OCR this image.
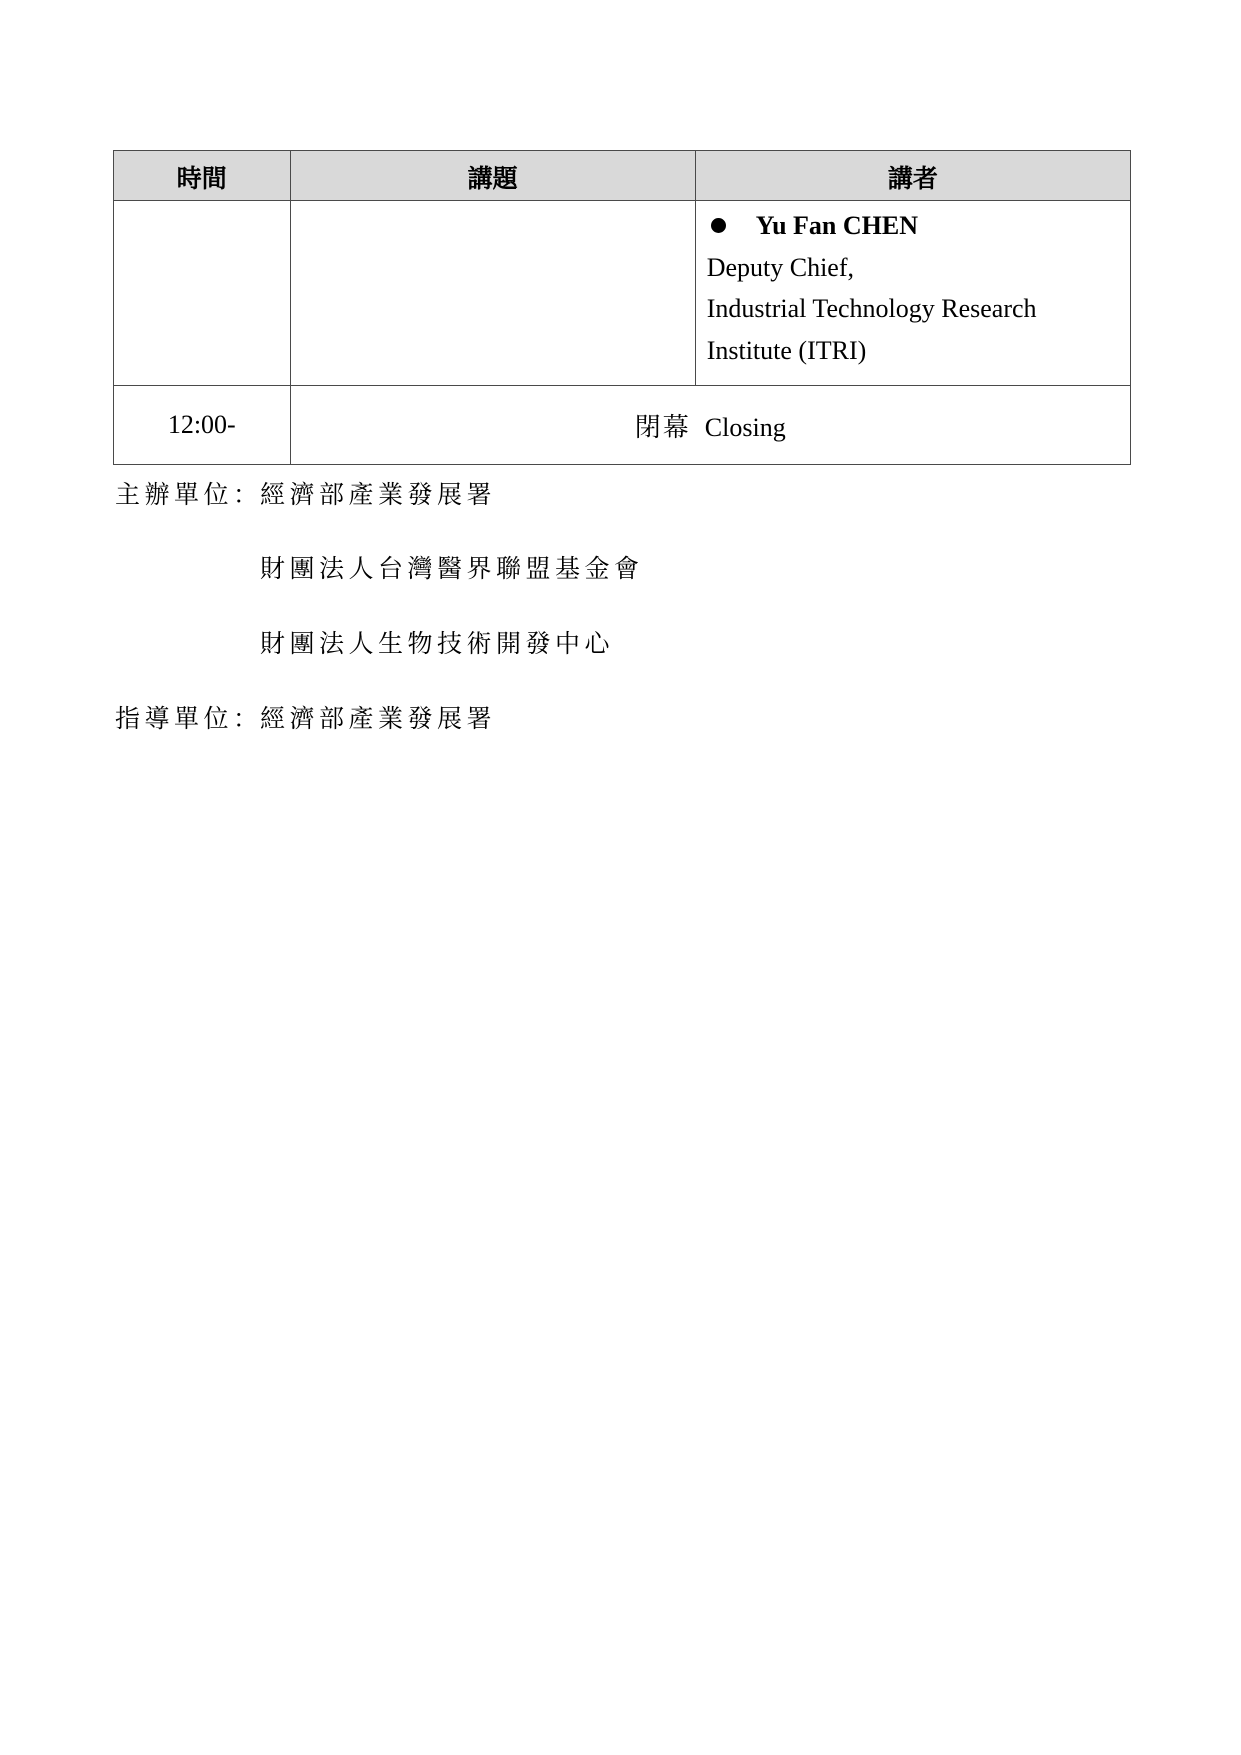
時間	講題	講者

		Yu Fan CHEN
Deputy Chief,
Industrial Technology Research
Institute (ITRI)

12:00-	閉幕 Closing	
主辦單位：經濟部產業發展署
財團法人台灣醫界聯盟基金會
財團法人生物技術開發中心
指導單位：經濟部產業發展署
